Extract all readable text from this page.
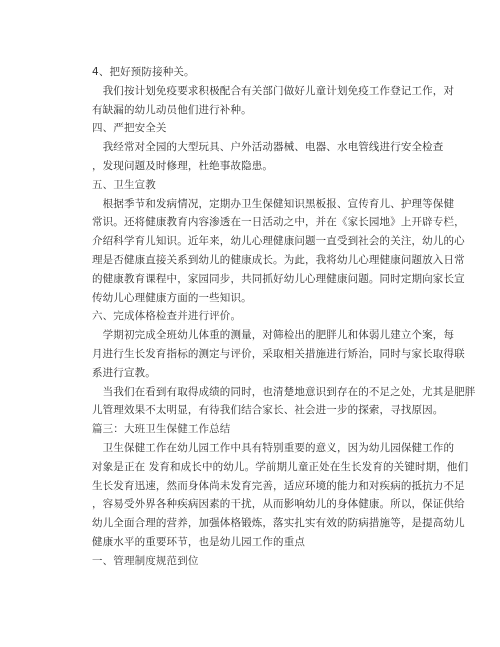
4、把好预防接种关。
　我们按计划免疫要求积极配合有关部门做好儿童计划免疫工作登记工作，对
有缺漏的幼儿动员他们进行补种。
四、严把安全关
　我经常对全园的大型玩具、户外活动器械、电器、水电管线进行安全检查
，发现问题及时修理，杜绝事故隐患。
五、卫生宣教
　根据季节和发病情况，定期办卫生保健知识黑板报、宣传育儿、护理等保健
常识。还将健康教育内容渗透在一日活动之中，并在《家长园地》上开辟专栏，
介绍科学育儿知识。近年来，幼儿心理健康问题一直受到社会的关注，幼儿的心
理是否健康直接关系到幼儿的健康成长。为此，我将幼儿心理健康问题放入日常
的健康教育课程中，家园同步，共同抓好幼儿心理健康问题。同时定期向家长宣
传幼儿心理健康方面的一些知识。
六、完成体格检查并进行评价。
　学期初完成全班幼儿体重的测量，对筛检出的肥胖儿和体弱儿建立个案，每
月进行生长发育指标的测定与评价，采取相关措施进行矫治，同时与家长取得联
系进行宣教。
　当我们在看到有取得成绩的同时，也清楚地意识到存在的不足之处，尤其是肥胖
儿管理效果不太明显，有待我们结合家长、社会进一步的探索，寻找原因。
篇三：大班卫生保健工作总结
　卫生保健工作在幼儿园工作中具有特别重要的意义，因为幼儿园保健工作的
对象是正在 发育和成长中的幼儿。学前期儿童正处在生长发育的关键时期，他们
生长发育迅速，然而身体尚未发育完善，适应环境的能力和对疾病的抵抗力不足
，容易受外界各种疾病因素的干扰，从而影响幼儿的身体健康。所以，保证供给
幼儿全面合理的营养，加强体格锻炼，落实扎实有效的防病措施等，是提高幼儿
健康水平的重要环节，也是幼儿园工作的重点
一、管理制度规范到位
